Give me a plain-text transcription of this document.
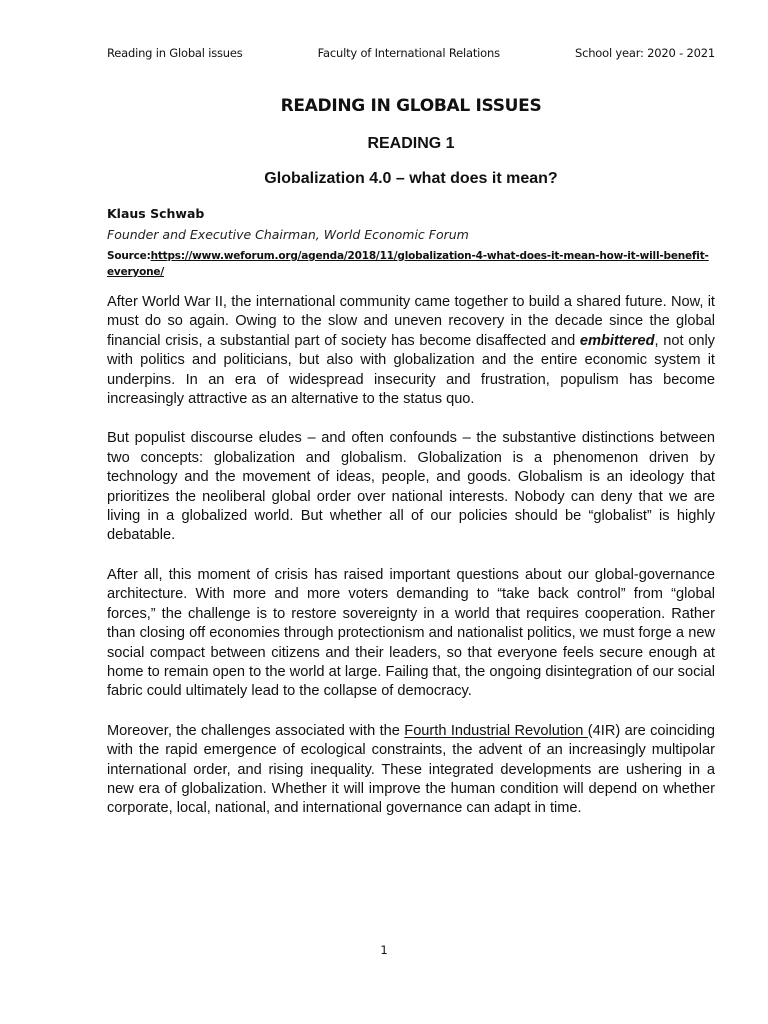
Reading in Global issues	Faculty of International Relations	School year: 2020 - 2021
READING IN GLOBAL ISSUES
READING 1
Globalization 4.0 – what does it mean?
Klaus Schwab
Founder and Executive Chairman, World Economic Forum
Source:https://www.weforum.org/agenda/2018/11/globalization-4-what-does-it-mean-how-it-will-benefit-everyone/

After World War II, the international community came together to build a shared future. Now, it must do so again. Owing to the slow and uneven recovery in the decade since the global financial crisis, a substantial part of society has become disaffected and embittered, not only with politics and politicians, but also with globalization and the entire economic system it underpins. In an era of widespread insecurity and frustration, populism has become increasingly attractive as an alternative to the status quo.

But populist discourse eludes – and often confounds – the substantive distinctions between two concepts: globalization and globalism. Globalization is a phenomenon driven by technology and the movement of ideas, people, and goods. Globalism is an ideology that prioritizes the neoliberal global order over national interests. Nobody can deny that we are living in a globalized world. But whether all of our policies should be “globalist” is highly debatable.

After all, this moment of crisis has raised important questions about our global-governance architecture. With more and more voters demanding to “take back control” from “global forces,” the challenge is to restore sovereignty in a world that requires cooperation. Rather than closing off economies through protectionism and nationalist politics, we must forge a new social compact between citizens and their leaders, so that everyone feels secure enough at home to remain open to the world at large. Failing that, the ongoing disintegration of our social fabric could ultimately lead to the collapse of democracy.

Moreover, the challenges associated with the Fourth Industrial Revolution (4IR) are coinciding with the rapid emergence of ecological constraints, the advent of an increasingly multipolar international order, and rising inequality. These integrated developments are ushering in a new era of globalization. Whether it will improve the human condition will depend on whether corporate, local, national, and international governance can adapt in time.

1
